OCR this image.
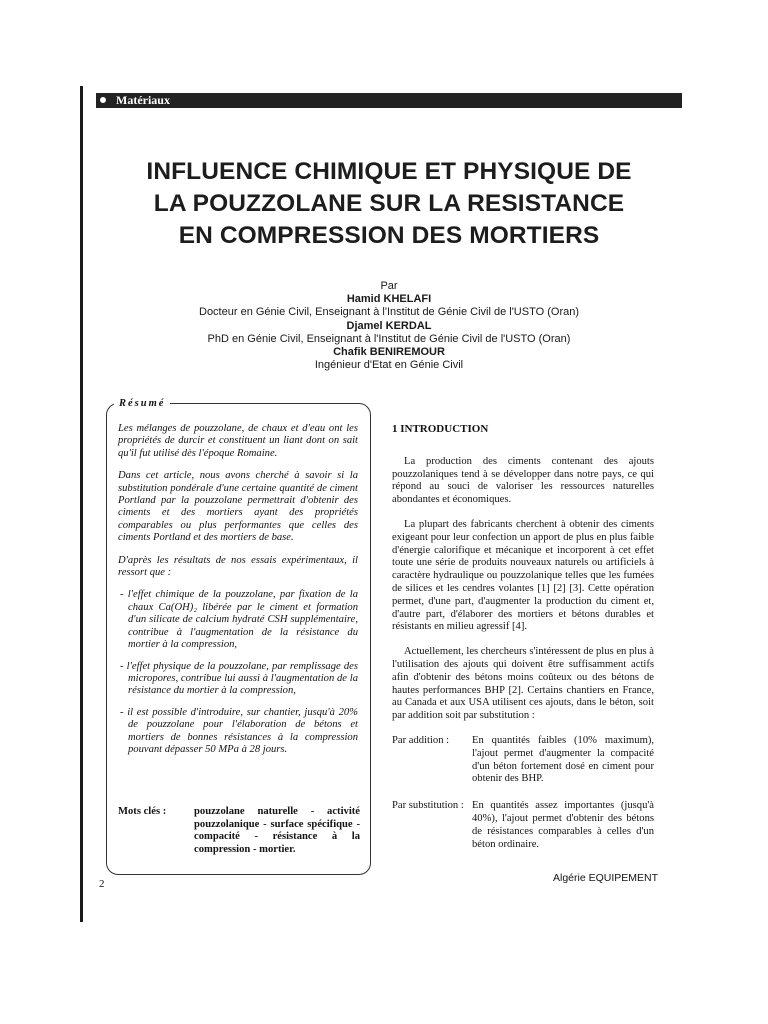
Matériaux
INFLUENCE CHIMIQUE ET PHYSIQUE DE
LA POUZZOLANE SUR LA RESISTANCE
EN COMPRESSION DES MORTIERS
Par
Hamid KHELAFI
Docteur en Génie Civil, Enseignant à l'Institut de Génie Civil de l'USTO (Oran)
Djamel KERDAL
PhD en Génie Civil, Enseignant à l'Institut de Génie Civil de l'USTO (Oran)
Chafik BENIREMOUR
Ingénieur d'Etat en Génie Civil
Résumé

Les mélanges de pouzzolane, de chaux et d'eau ont les propriétés de durcir et constituent un liant dont on sait qu'il fut utilisé dès l'époque Romaine.

Dans cet article, nous avons cherché à savoir si la substitution pondérale d'une certaine quantité de ciment Portland par la pouzzolane permettrait d'obtenir des ciments et des mortiers ayant des propriétés comparables ou plus performantes que celles des ciments Portland et des mortiers de base.

D'après les résultats de nos essais expérimentaux, il ressort que :

- l'effet chimique de la pouzzolane, par fixation de la chaux Ca(OH)₂ libérée par le ciment et formation d'un silicate de calcium hydraté CSH supplémentaire, contribue à l'augmentation de la résistance du mortier à la compression,
- l'effet physique de la pouzzolane, par remplissage des micropores, contribue lui aussi à l'augmentation de la résistance du mortier à la compression,
- il est possible d'introduire, sur chantier, jusqu'à 20% de pouzzolane pour l'élaboration de bétons et mortiers de bonnes résistances à la compression pouvant dépasser 50 MPa à 28 jours.
Mots clés :	pouzzolane naturelle - activité pouzzolanique - surface spécifique - compacité - résistance à la compression - mortier.
1 INTRODUCTION

La production des ciments contenant des ajouts pouzzolaniques tend à se développer dans notre pays, ce qui répond au souci de valoriser les ressources naturelles abondantes et économiques.

La plupart des fabricants cherchent à obtenir des ciments exigeant pour leur confection un apport de plus en plus faible d'énergie calorifique et mécanique et incorporent à cet effet toute une série de produits nouveaux naturels ou artificiels à caractère hydraulique ou pouzzolanique telles que les fumées de silices et les cendres volantes [1] [2] [3]. Cette opération permet, d'une part, d'augmenter la production du ciment et, d'autre part, d'élaborer des mortiers et bétons durables et résistants en milieu agressif [4].

Actuellement, les chercheurs s'intéressent de plus en plus à l'utilisation des ajouts qui doivent être suffisamment actifs afin d'obtenir des bétons moins coûteux ou des bétons de hautes performances BHP [2]. Certains chantiers en France, au Canada et aux USA utilisent ces ajouts, dans le béton, soit par addition soit par substitution :

Par addition : En quantités faibles (10% maximum), l'ajout permet d'augmenter la compacité d'un béton fortement dosé en ciment pour obtenir des BHP.
Par substitution : En quantités assez importantes (jusqu'à 40%), l'ajout permet d'obtenir des bétons de résistances comparables à celles d'un béton ordinaire.
2	Algérie EQUIPEMENT
